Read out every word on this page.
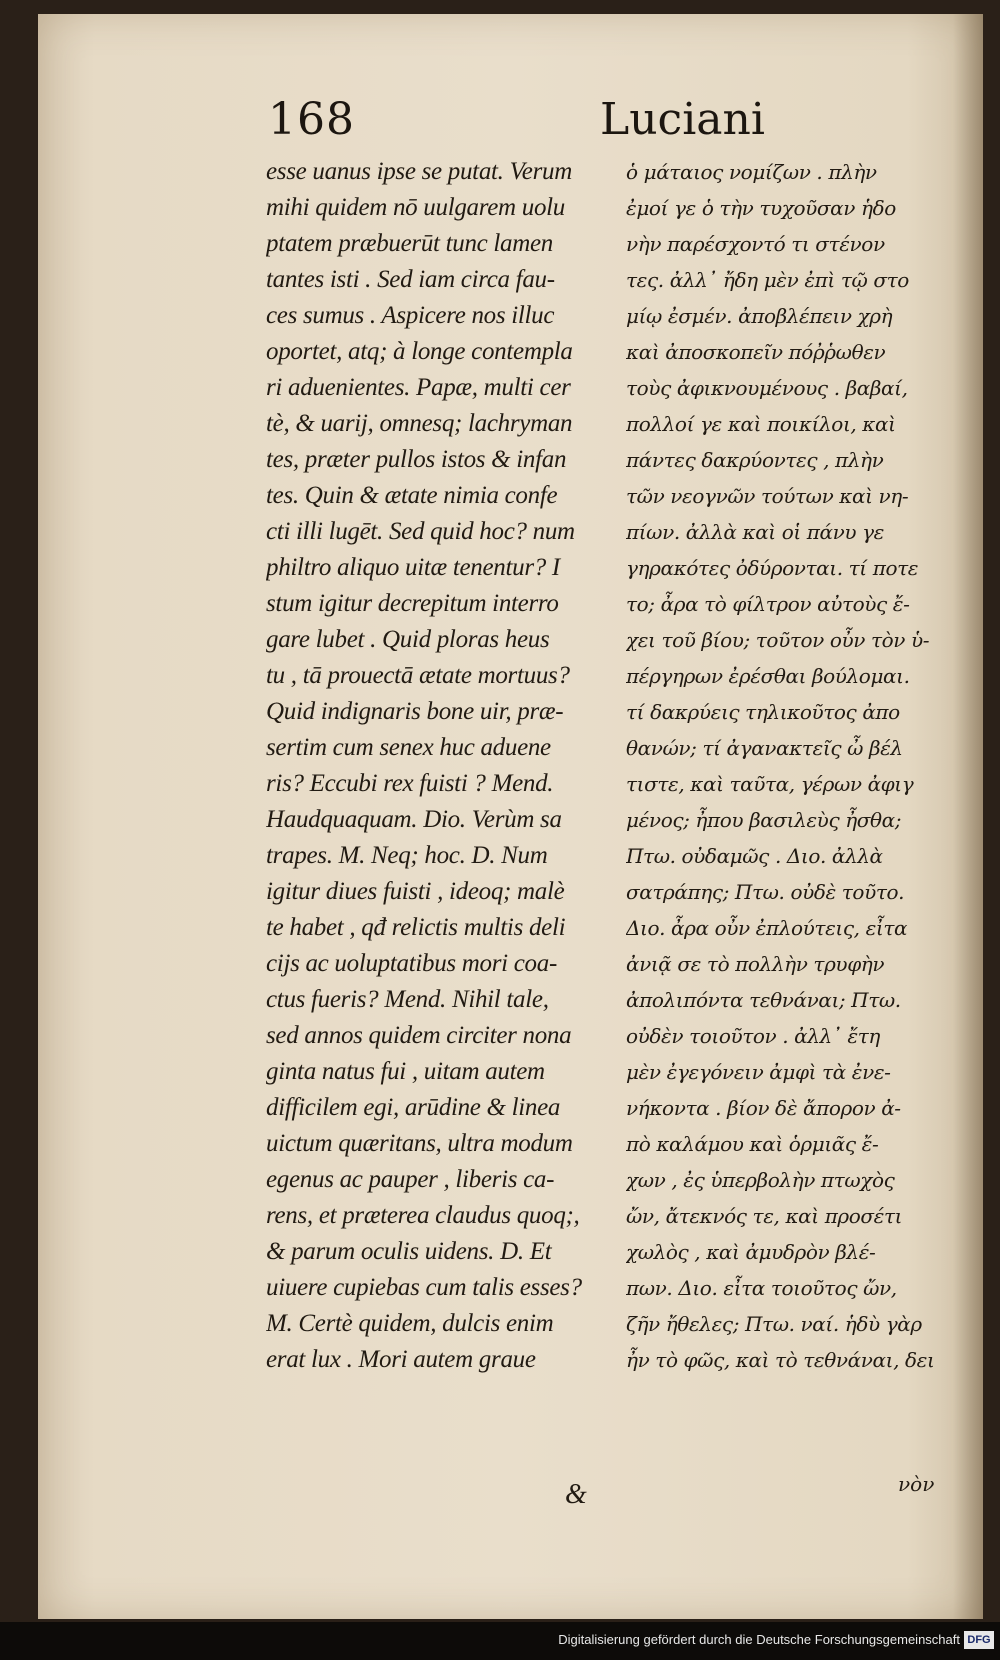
168	Luciani
esse uanus ipse se putat. Verum
mihi quidem nō uulgarem uolu
ptatem præbuerūt tunc lamen
tantes isti . Sed iam circa fau-
ces sumus . Aspicere nos illuc
oportet, atq; à longe contempla
ri aduenientes. Papæ, multi cer
tè, & uarij, omnesq; lachryman
tes, præter pullos istos & infan
tes. Quin & ætate nimia confe
cti illi lugēt. Sed quid hoc? num
philtro aliquo uitæ tenentur? I
stum igitur decrepitum interro
gare lubet . Quid ploras heus
tu , tā prouectā ætate mortuus?
Quid indignaris bone uir, præ-
sertim cum senex huc aduene
ris? Eccubi rex fuisti ? Mend.
Haudquaquam. Dio. Verùm sa
trapes. M. Neq; hoc. D. Num
igitur diues fuisti , ideoq; malè
te habet , qđ relictis multis deli
cijs ac uoluptatibus mori coa-
ctus fueris? Mend. Nihil tale,
sed annos quidem circiter nona
ginta natus fui , uitam autem
difficilem egi, arūdine & linea
uictum quæritans, ultra modum
egenus ac pauper , liberis ca-
rens, et præterea claudus quoq;,
& parum oculis uidens. D. Et
uiuere cupiebas cum talis esses?
M. Certè quidem, dulcis enim
erat lux . Mori autem graue
ὁ μάταιος νομίζων . πλὴν
ἐμοί γε ὁ τὴν τυχοῦσαν ἡδο
νὴν παρέσχοντό τι στένον
τες. ἀλλ᾽ ἤδη μὲν ἐπὶ τῷ στο
μίῳ ἐσμέν. ἀποβλέπειν χρὴ
καὶ ἀποσκοπεῖν πόῤῥωθεν
τοὺς ἀφικνουμένους . βαβαί,
πολλοί γε καὶ ποικίλοι, καὶ
πάντες δακρύοντες , πλὴν
τῶν νεογνῶν τούτων καὶ νη-
πίων. ἀλλὰ καὶ οἱ πάνυ γε
γηρακότες ὀδύρονται. τί ποτε
το; ἆρα τὸ φίλτρον αὐτοὺς ἔ-
χει τοῦ βίου; τοῦτον οὖν τὸν ὑ-
πέργηρων ἐρέσθαι βούλομαι.
τί δακρύεις τηλικοῦτος ἀπο
θανών; τί ἀγανακτεῖς ὦ βέλ
τιστε, καὶ ταῦτα, γέρων ἀφιγ
μένος; ἦπου βασιλεὺς ἦσθα;
Πτω. οὐδαμῶς . Διο. ἀλλὰ
σατράπης; Πτω. οὐδὲ τοῦτο.
Διο. ἆρα οὖν ἐπλούτεις, εἶτα
ἀνιᾷ σε τὸ πολλὴν τρυφὴν
ἀπολιπόντα τεθνάναι; Πτω.
οὐδὲν τοιοῦτον . ἀλλ᾽ ἔτη
μὲν ἐγεγόνειν ἀμφὶ τὰ ἐνε-
νήκοντα . βίον δὲ ἄπορον ἀ-
πὸ καλάμου καὶ ὁρμιᾶς ἔ-
χων , ἐς ὑπερβολὴν πτωχὸς
ὤν, ἄτεκνός τε, καὶ προσέτι
χωλὸς , καὶ ἀμυδρὸν βλέ-
πων. Διο. εἶτα τοιοῦτος ὤν,
ζῆν ἤθελες; Πτω. ναί. ἡδὺ γὰρ
ἦν τὸ φῶς, καὶ τὸ τεθνάναι, δει
&	νὸν
Digitalisierung gefördert durch die Deutsche Forschungsgemeinschaft DFG
